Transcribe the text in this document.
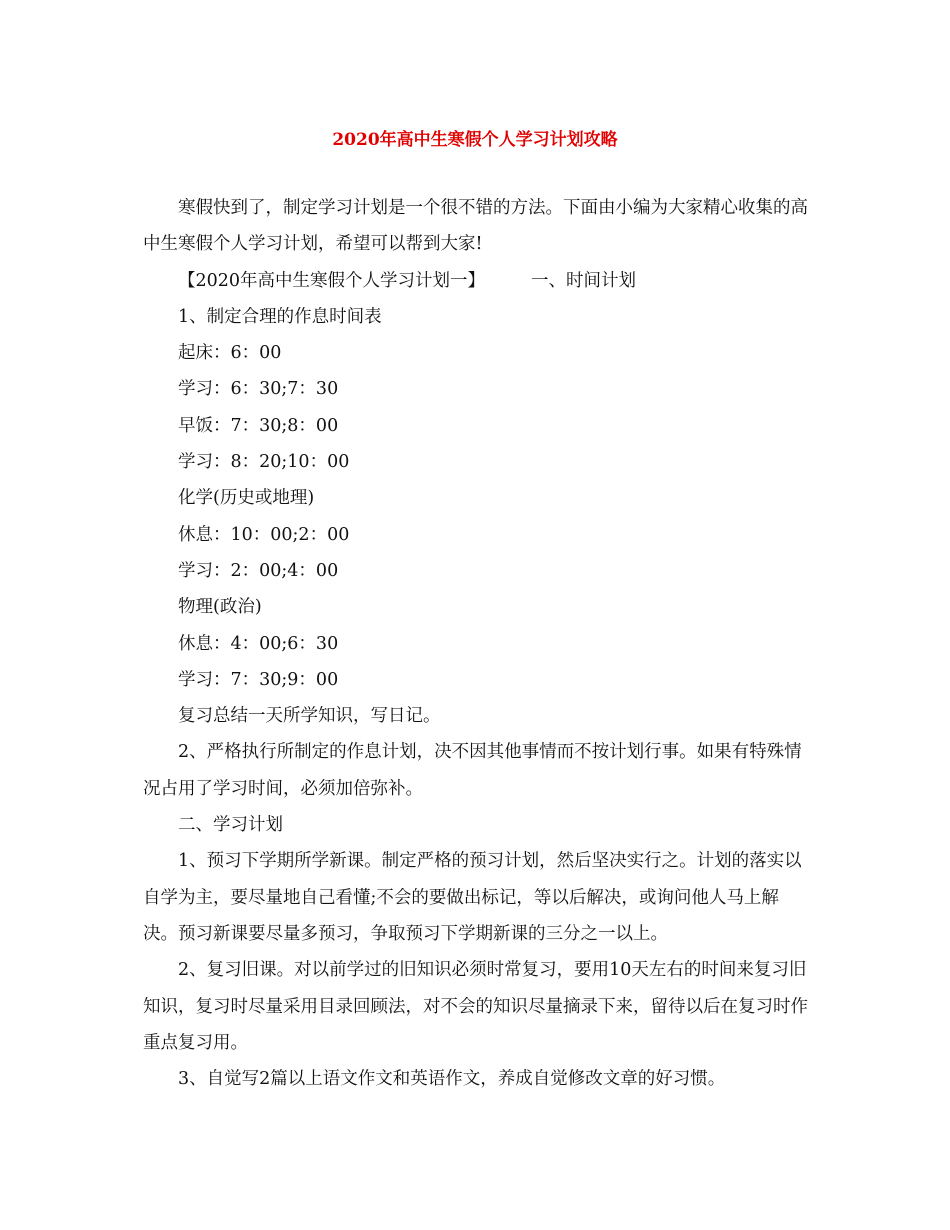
2020年高中生寒假个人学习计划攻略

寒假快到了，制定学习计划是一个很不错的方法。下面由小编为大家精心收集的高中生寒假个人学习计划，希望可以帮到大家!

【2020年高中生寒假个人学习计划一】	一、时间计划

1、制定合理的作息时间表

起床：6：00

学习：6：30;7：30

早饭：7：30;8：00

学习：8：20;10：00

化学(历史或地理)

休息：10：00;2：00

学习：2：00;4：00

物理(政治)

休息：4：00;6：30

学习：7：30;9：00

复习总结一天所学知识，写日记。

2、严格执行所制定的作息计划，决不因其他事情而不按计划行事。如果有特殊情况占用了学习时间，必须加倍弥补。

二、学习计划

1、预习下学期所学新课。制定严格的预习计划，然后坚决实行之。计划的落实以自学为主，要尽量地自己看懂;不会的要做出标记，等以后解决，或询问他人马上解决。预习新课要尽量多预习，争取预习下学期新课的三分之一以上。

2、复习旧课。对以前学过的旧知识必须时常复习，要用10天左右的时间来复习旧知识，复习时尽量采用目录回顾法，对不会的知识尽量摘录下来，留待以后在复习时作重点复习用。

3、自觉写2篇以上语文作文和英语作文，养成自觉修改文章的好习惯。
